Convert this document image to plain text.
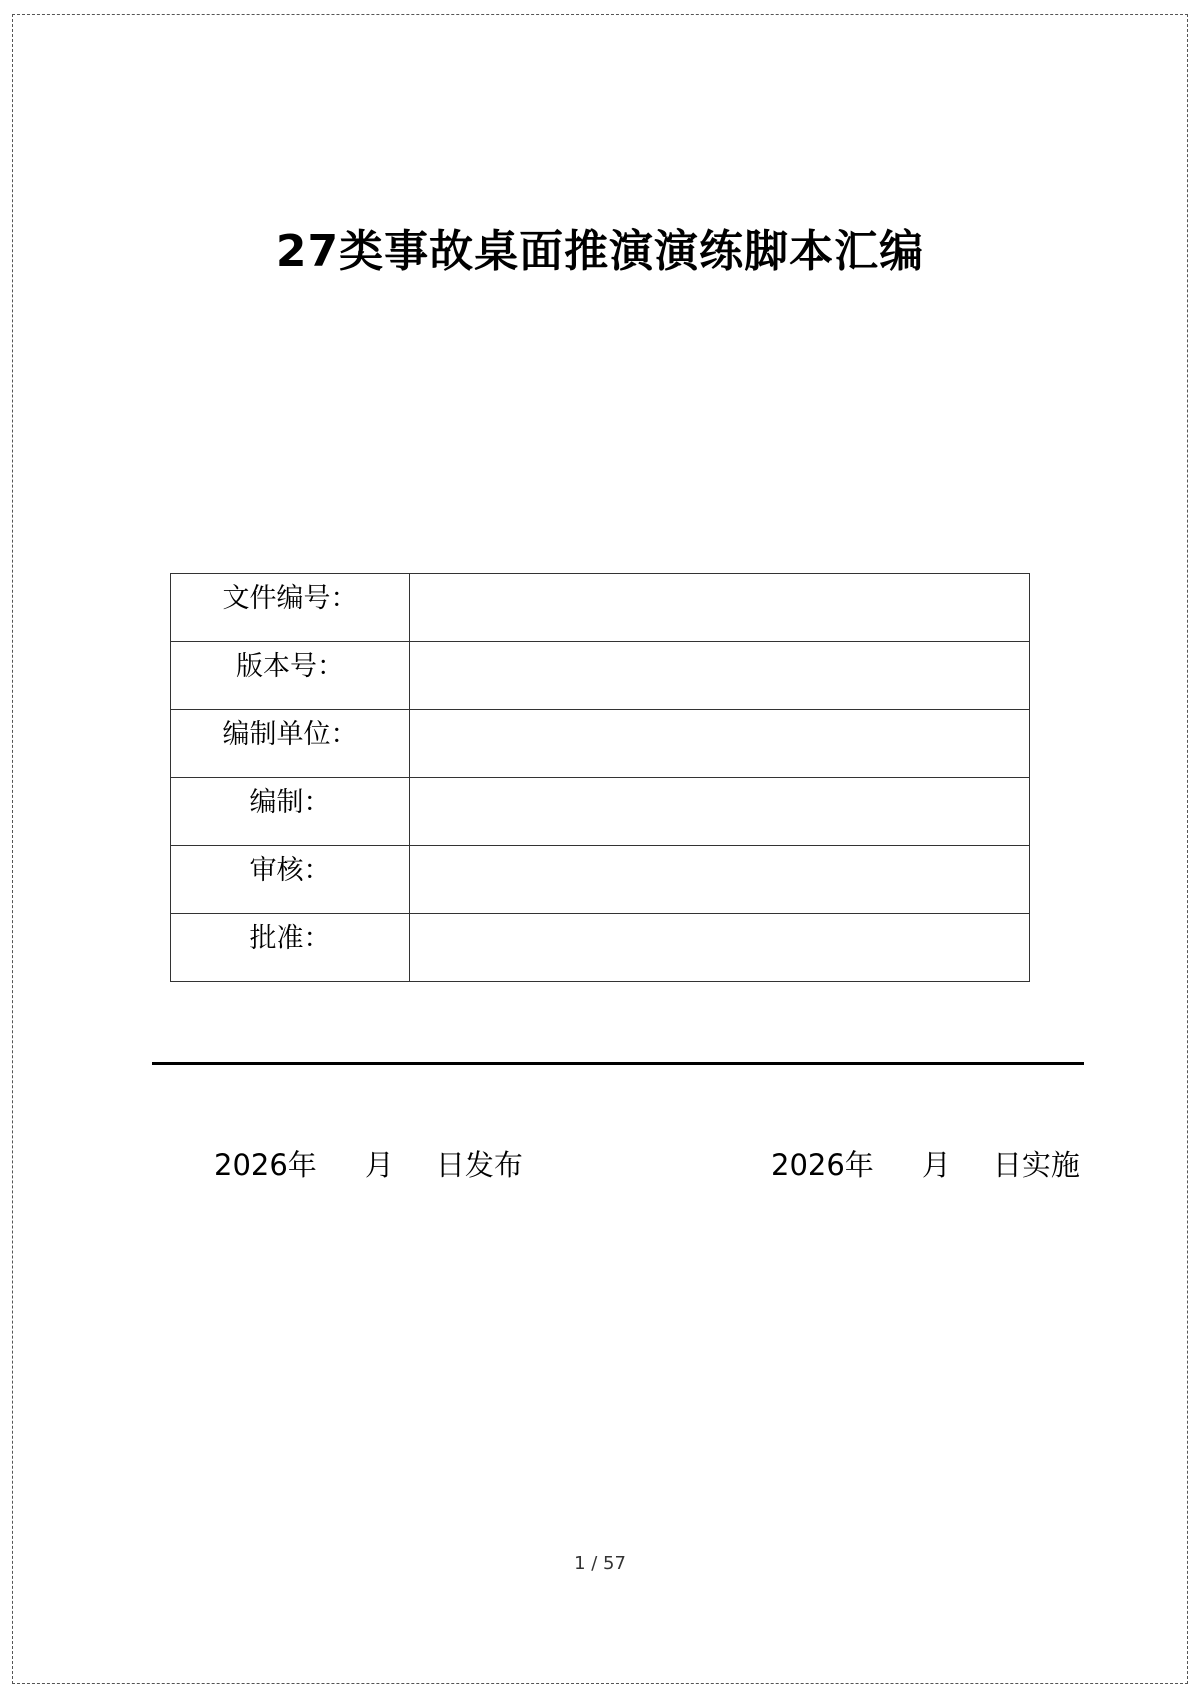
27类事故桌面推演演练脚本汇编
文件编号：	
版本号：	
编制单位：	
编制：	
审核：	
批准：	
2026年 月 日发布	2026年 月 日实施
1 / 57
